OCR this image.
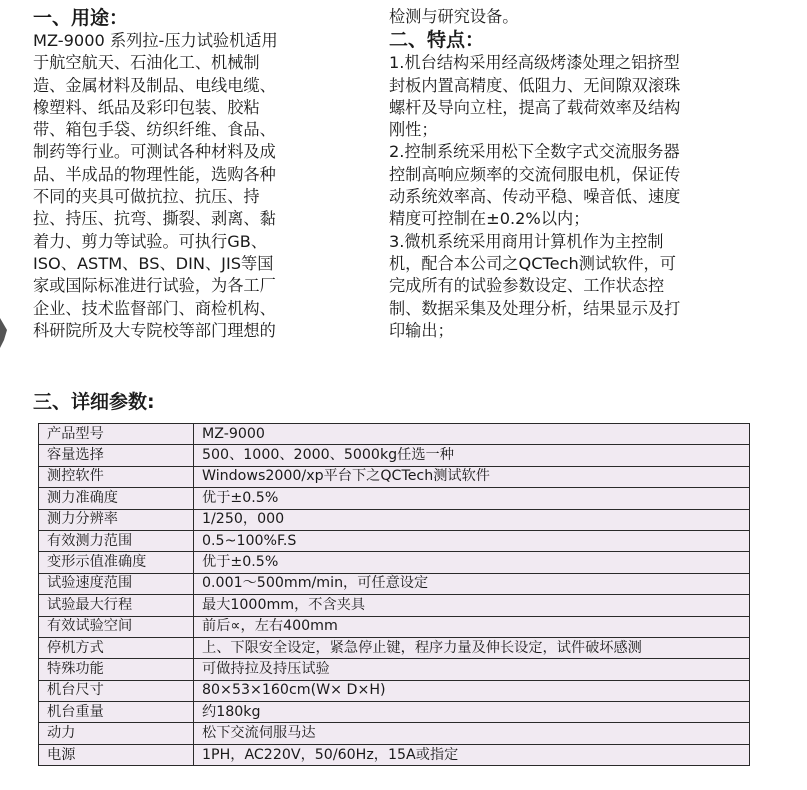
一、用途：

MZ-9000 系列拉-压力试验机适用
于航空航天、石油化工、机械制
造、金属材料及制品、电线电缆、
橡塑料、纸品及彩印包装、胶粘
带、箱包手袋、纺织纤维、食品、
制药等行业。可测试各种材料及成
品、半成品的物理性能，选购各种
不同的夹具可做抗拉、抗压、持
拉、持压、抗弯、撕裂、剥离、黏
着力、剪力等试验。可执行GB、
ISO、ASTM、BS、DIN、JIS等国
家或国际标准进行试验，为各工厂
企业、技术监督部门、商检机构、
科研院所及大专院校等部门理想的

检测与研究设备。

二、特点：

1.机台结构采用经高级烤漆处理之铝挤型
封板内置高精度、低阻力、无间隙双滚珠
螺杆及导向立柱，提高了载荷效率及结构
刚性；
2.控制系统采用松下全数字式交流服务器
控制高响应频率的交流伺服电机，保证传
动系统效率高、传动平稳、噪音低、速度
精度可控制在±0.2%以内；
3.微机系统采用商用计算机作为主控制
机，配合本公司之QCTech测试软件，可
完成所有的试验参数设定、工作状态控
制、数据采集及处理分析，结果显示及打
印输出；

三、详细参数:
产品型号	MZ-9000
容量选择	500、1000、2000、5000kg任选一种
测控软件	Windows2000/xp平台下之QCTech测试软件
测力准确度	优于±0.5%
测力分辨率	1/250，000
有效测力范围	0.5~100%F.S
变形示值准确度	优于±0.5%
试验速度范围	0.001～500mm/min，可任意设定
试验最大行程	最大1000mm，不含夹具
有效试验空间	前后∝，左右400mm
停机方式	上、下限安全设定，紧急停止键，程序力量及伸长设定，试件破坏感测
特殊功能	可做持拉及持压试验
机台尺寸	80×53×160cm(W× D×H)
机台重量	约180kg
动力	松下交流伺服马达
电源	1PH，AC220V，50/60Hz，15A或指定
